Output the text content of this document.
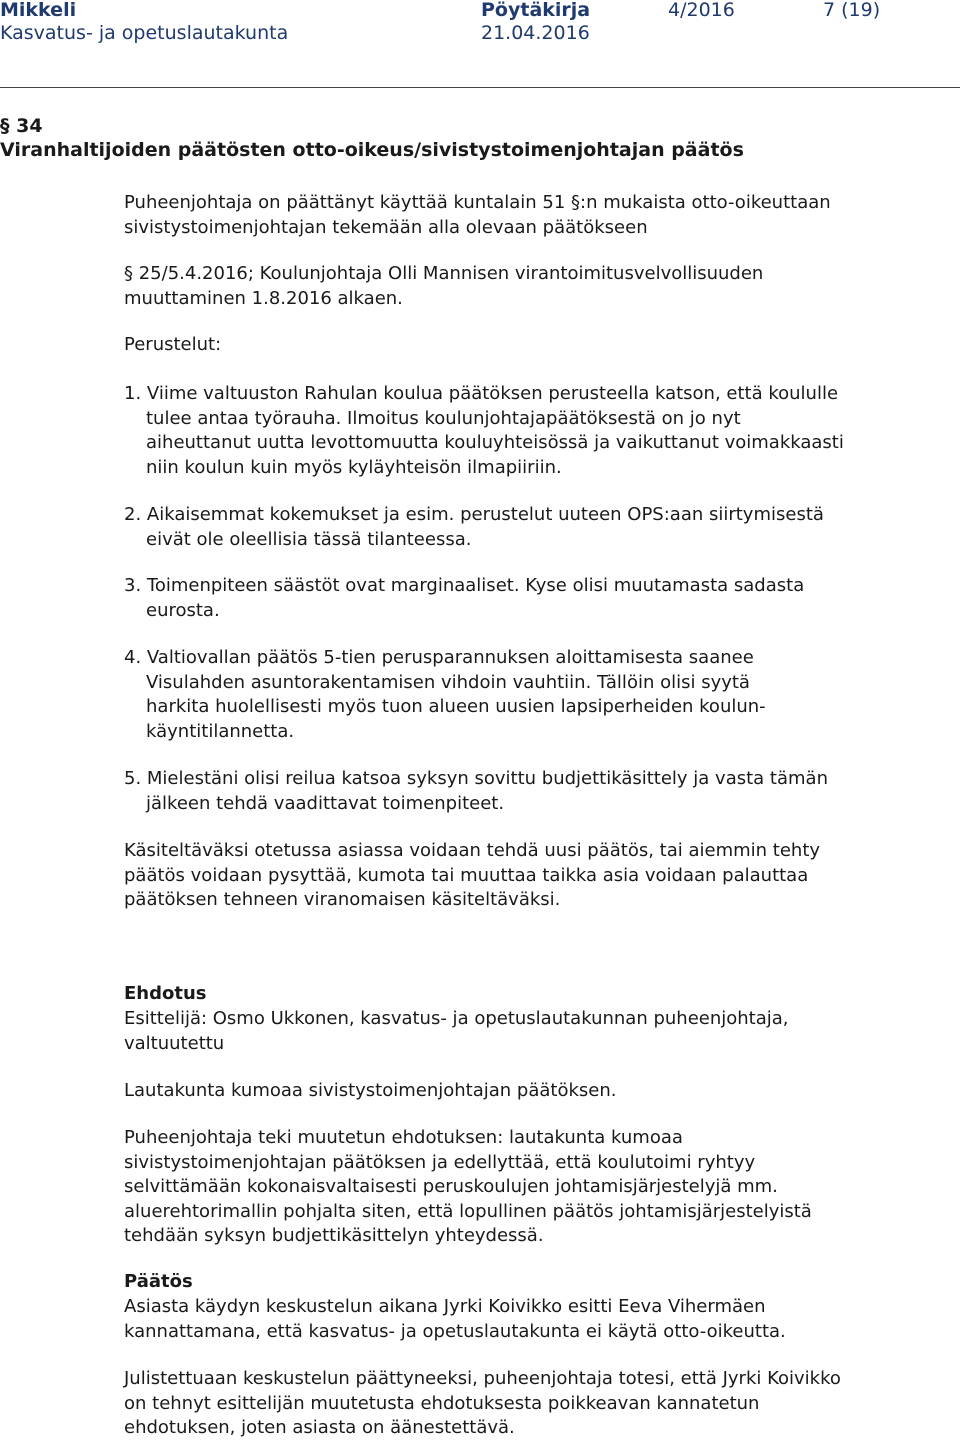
Mikkeli
Kasvatus- ja opetuslautakunta
Pöytäkirja
21.04.2016
4/2016	7 (19)
§ 34
Viranhaltijoiden päätösten otto-oikeus/sivistystoimenjohtajan päätös
Puheenjohtaja on päättänyt käyttää kuntalain 51 §:n mukaista otto-oikeuttaan
sivistystoimenjohtajan tekemään alla olevaan päätökseen
§ 25/5.4.2016; Koulunjohtaja Olli Mannisen virantoimitusvelvollisuuden
muuttaminen 1.8.2016 alkaen.
Perustelut:
1. Viime valtuuston Rahulan koulua päätöksen perusteella katson, että koululle
tulee antaa työrauha. Ilmoitus koulunjohtajapäätöksestä on jo nyt
aiheuttanut uutta levottomuutta kouluyhteisössä ja vaikuttanut voimakkaasti
niin koulun kuin myös kyläyhteisön ilmapiiriin.
2. Aikaisemmat kokemukset ja esim. perustelut uuteen OPS:aan siirtymisestä
eivät ole oleellisia tässä tilanteessa.
3. Toimenpiteen säästöt ovat marginaaliset. Kyse olisi muutamasta sadasta
eurosta.
4. Valtiovallan päätös 5-tien perusparannuksen aloittamisesta saanee
Visulahden asuntorakentamisen vihdoin vauhtiin. Tällöin olisi syytä
harkita huolellisesti myös tuon alueen uusien lapsiperheiden koulun-
käyntitilannetta.
5. Mielestäni olisi reilua katsoa syksyn sovittu budjettikäsittely ja vasta tämän
jälkeen tehdä vaadittavat toimenpiteet.
Käsiteltäväksi otetussa asiassa voidaan tehdä uusi päätös, tai aiemmin tehty
päätös voidaan pysyttää, kumota tai muuttaa taikka asia voidaan palauttaa
päätöksen tehneen viranomaisen käsiteltäväksi.
Ehdotus
Esittelijä: Osmo Ukkonen, kasvatus- ja opetuslautakunnan puheenjohtaja,
valtuutettu
Lautakunta kumoaa sivistystoimenjohtajan päätöksen.
Puheenjohtaja teki muutetun ehdotuksen: lautakunta kumoaa
sivistystoimenjohtajan päätöksen ja edellyttää, että koulutoimi ryhtyy
selvittämään kokonaisvaltaisesti peruskoulujen johtamisjärjestelyjä mm.
aluerehtorimallin pohjalta siten, että lopullinen päätös johtamisjärjestelyistä
tehdään syksyn budjettikäsittelyn yhteydessä.
Päätös
Asiasta käydyn keskustelun aikana Jyrki Koivikko esitti Eeva Vihermäen
kannattamana, että kasvatus- ja opetuslautakunta ei käytä otto-oikeutta.
Julistettuaan keskustelun päättyneeksi, puheenjohtaja totesi, että Jyrki Koivikko
on tehnyt esittelijän muutetusta ehdotuksesta poikkeavan kannatetun
ehdotuksen, joten asiasta on äänestettävä.
